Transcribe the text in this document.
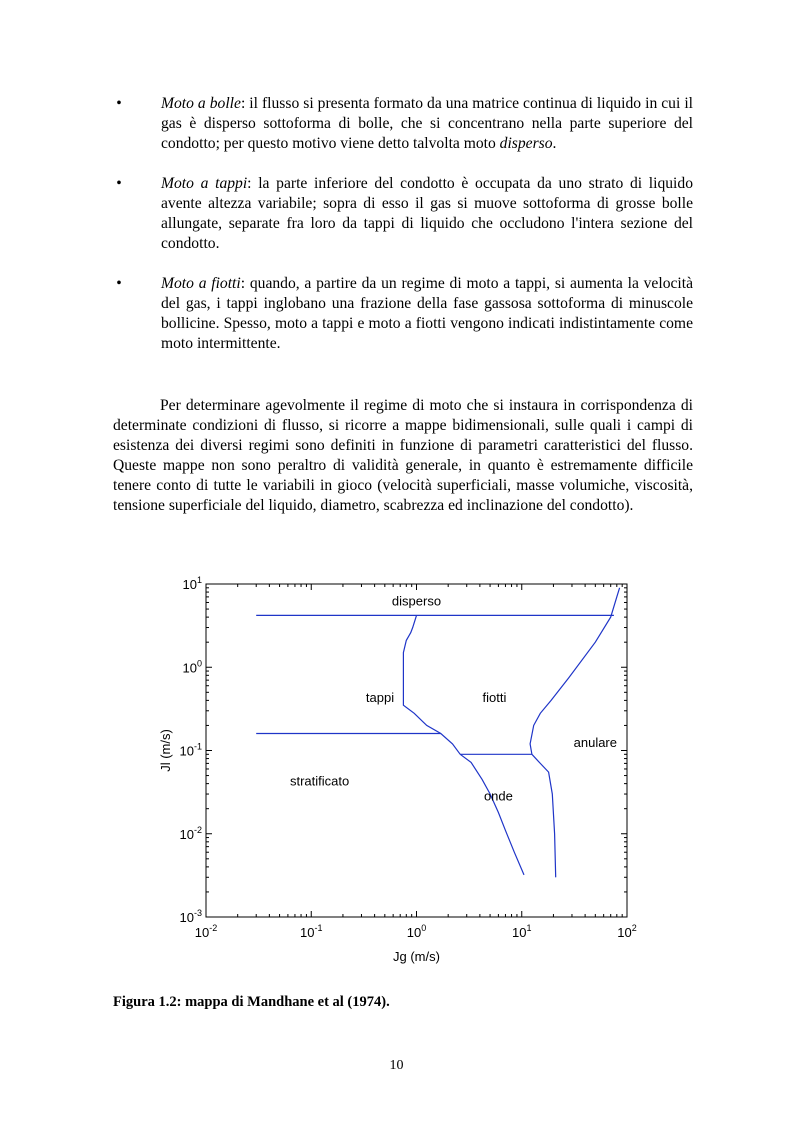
•	Moto a bolle: il flusso si presenta formato da una matrice continua di liquido in cui il gas è disperso sottoforma di bolle, che si concentrano nella parte superiore del condotto; per questo motivo viene detto talvolta moto disperso.
•	Moto a tappi: la parte inferiore del condotto è occupata da uno strato di liquido avente altezza variabile; sopra di esso il gas si muove sottoforma di grosse bolle allungate, separate fra loro da tappi di liquido che occludono l'intera sezione del condotto.
•	Moto a fiotti: quando, a partire da un regime di moto a tappi, si aumenta la velocità del gas, i tappi inglobano una frazione della fase gassosa sottoforma di minuscole bollicine. Spesso, moto a tappi e moto a fiotti vengono indicati indistintamente come moto intermittente.

Per determinare agevolmente il regime di moto che si instaura in corrispondenza di determinate condizioni di flusso, si ricorre a mappe bidimensionali, sulle quali i campi di esistenza dei diversi regimi sono definiti in funzione di parametri caratteristici del flusso. Queste mappe non sono peraltro di validità generale, in quanto è estremamente difficile tenere conto di tutte le variabili in gioco (velocità superficiali, masse volumiche, viscosità, tensione superficiale del liquido, diametro, scabrezza ed inclinazione del condotto).

$10^{-2}$	$10^{-1}$	$10^0$	$10^1$	$10^2$
$10^{-3}$
$10^{-2}$
$10^{-1}$
$10^0$
$10^1$
Jg (m/s)
Jl (m/s)
disperso
tappi	fiotti
anulare
stratificato
onde

Figura 1.2: mappa di Mandhane et al (1974).

10
